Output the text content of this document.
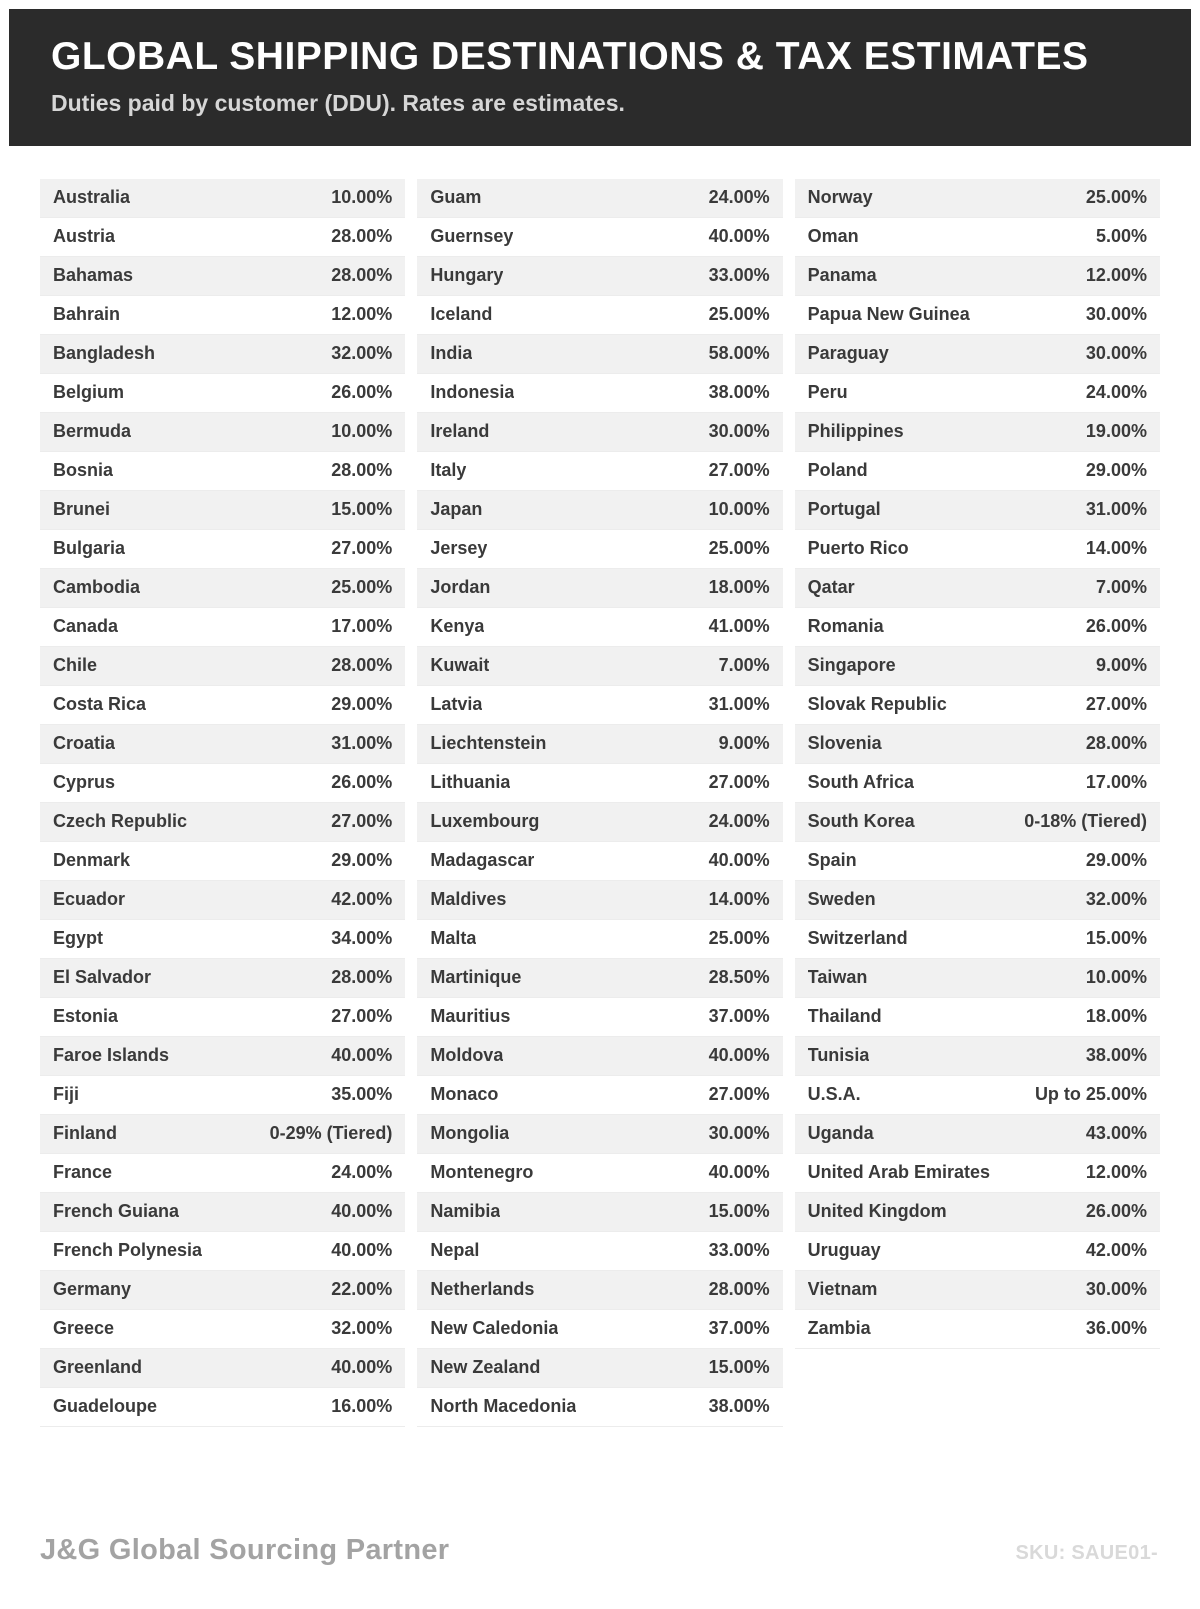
GLOBAL SHIPPING DESTINATIONS & TAX ESTIMATES

Duties paid by customer (DDU). Rates are estimates.

Australia	10.00%
Austria	28.00%
Bahamas	28.00%
Bahrain	12.00%
Bangladesh	32.00%
Belgium	26.00%
Bermuda	10.00%
Bosnia	28.00%
Brunei	15.00%
Bulgaria	27.00%
Cambodia	25.00%
Canada	17.00%
Chile	28.00%
Costa Rica	29.00%
Croatia	31.00%
Cyprus	26.00%
Czech Republic	27.00%
Denmark	29.00%
Ecuador	42.00%
Egypt	34.00%
El Salvador	28.00%
Estonia	27.00%
Faroe Islands	40.00%
Fiji	35.00%
Finland	0-29% (Tiered)
France	24.00%
French Guiana	40.00%
French Polynesia	40.00%
Germany	22.00%
Greece	32.00%
Greenland	40.00%
Guadeloupe	16.00%
Guam	24.00%
Guernsey	40.00%
Hungary	33.00%
Iceland	25.00%
India	58.00%
Indonesia	38.00%
Ireland	30.00%
Italy	27.00%
Japan	10.00%
Jersey	25.00%
Jordan	18.00%
Kenya	41.00%
Kuwait	7.00%
Latvia	31.00%
Liechtenstein	9.00%
Lithuania	27.00%
Luxembourg	24.00%
Madagascar	40.00%
Maldives	14.00%
Malta	25.00%
Martinique	28.50%
Mauritius	37.00%
Moldova	40.00%
Monaco	27.00%
Mongolia	30.00%
Montenegro	40.00%
Namibia	15.00%
Nepal	33.00%
Netherlands	28.00%
New Caledonia	37.00%
New Zealand	15.00%
North Macedonia	38.00%
Norway	25.00%
Oman	5.00%
Panama	12.00%
Papua New Guinea	30.00%
Paraguay	30.00%
Peru	24.00%
Philippines	19.00%
Poland	29.00%
Portugal	31.00%
Puerto Rico	14.00%
Qatar	7.00%
Romania	26.00%
Singapore	9.00%
Slovak Republic	27.00%
Slovenia	28.00%
South Africa	17.00%
South Korea	0-18% (Tiered)
Spain	29.00%
Sweden	32.00%
Switzerland	15.00%
Taiwan	10.00%
Thailand	18.00%
Tunisia	38.00%
U.S.A.	Up to 25.00%
Uganda	43.00%
United Arab Emirates	12.00%
United Kingdom	26.00%
Uruguay	42.00%
Vietnam	30.00%
Zambia	36.00%
J&G Global Sourcing Partner	SKU: SAUE01-
